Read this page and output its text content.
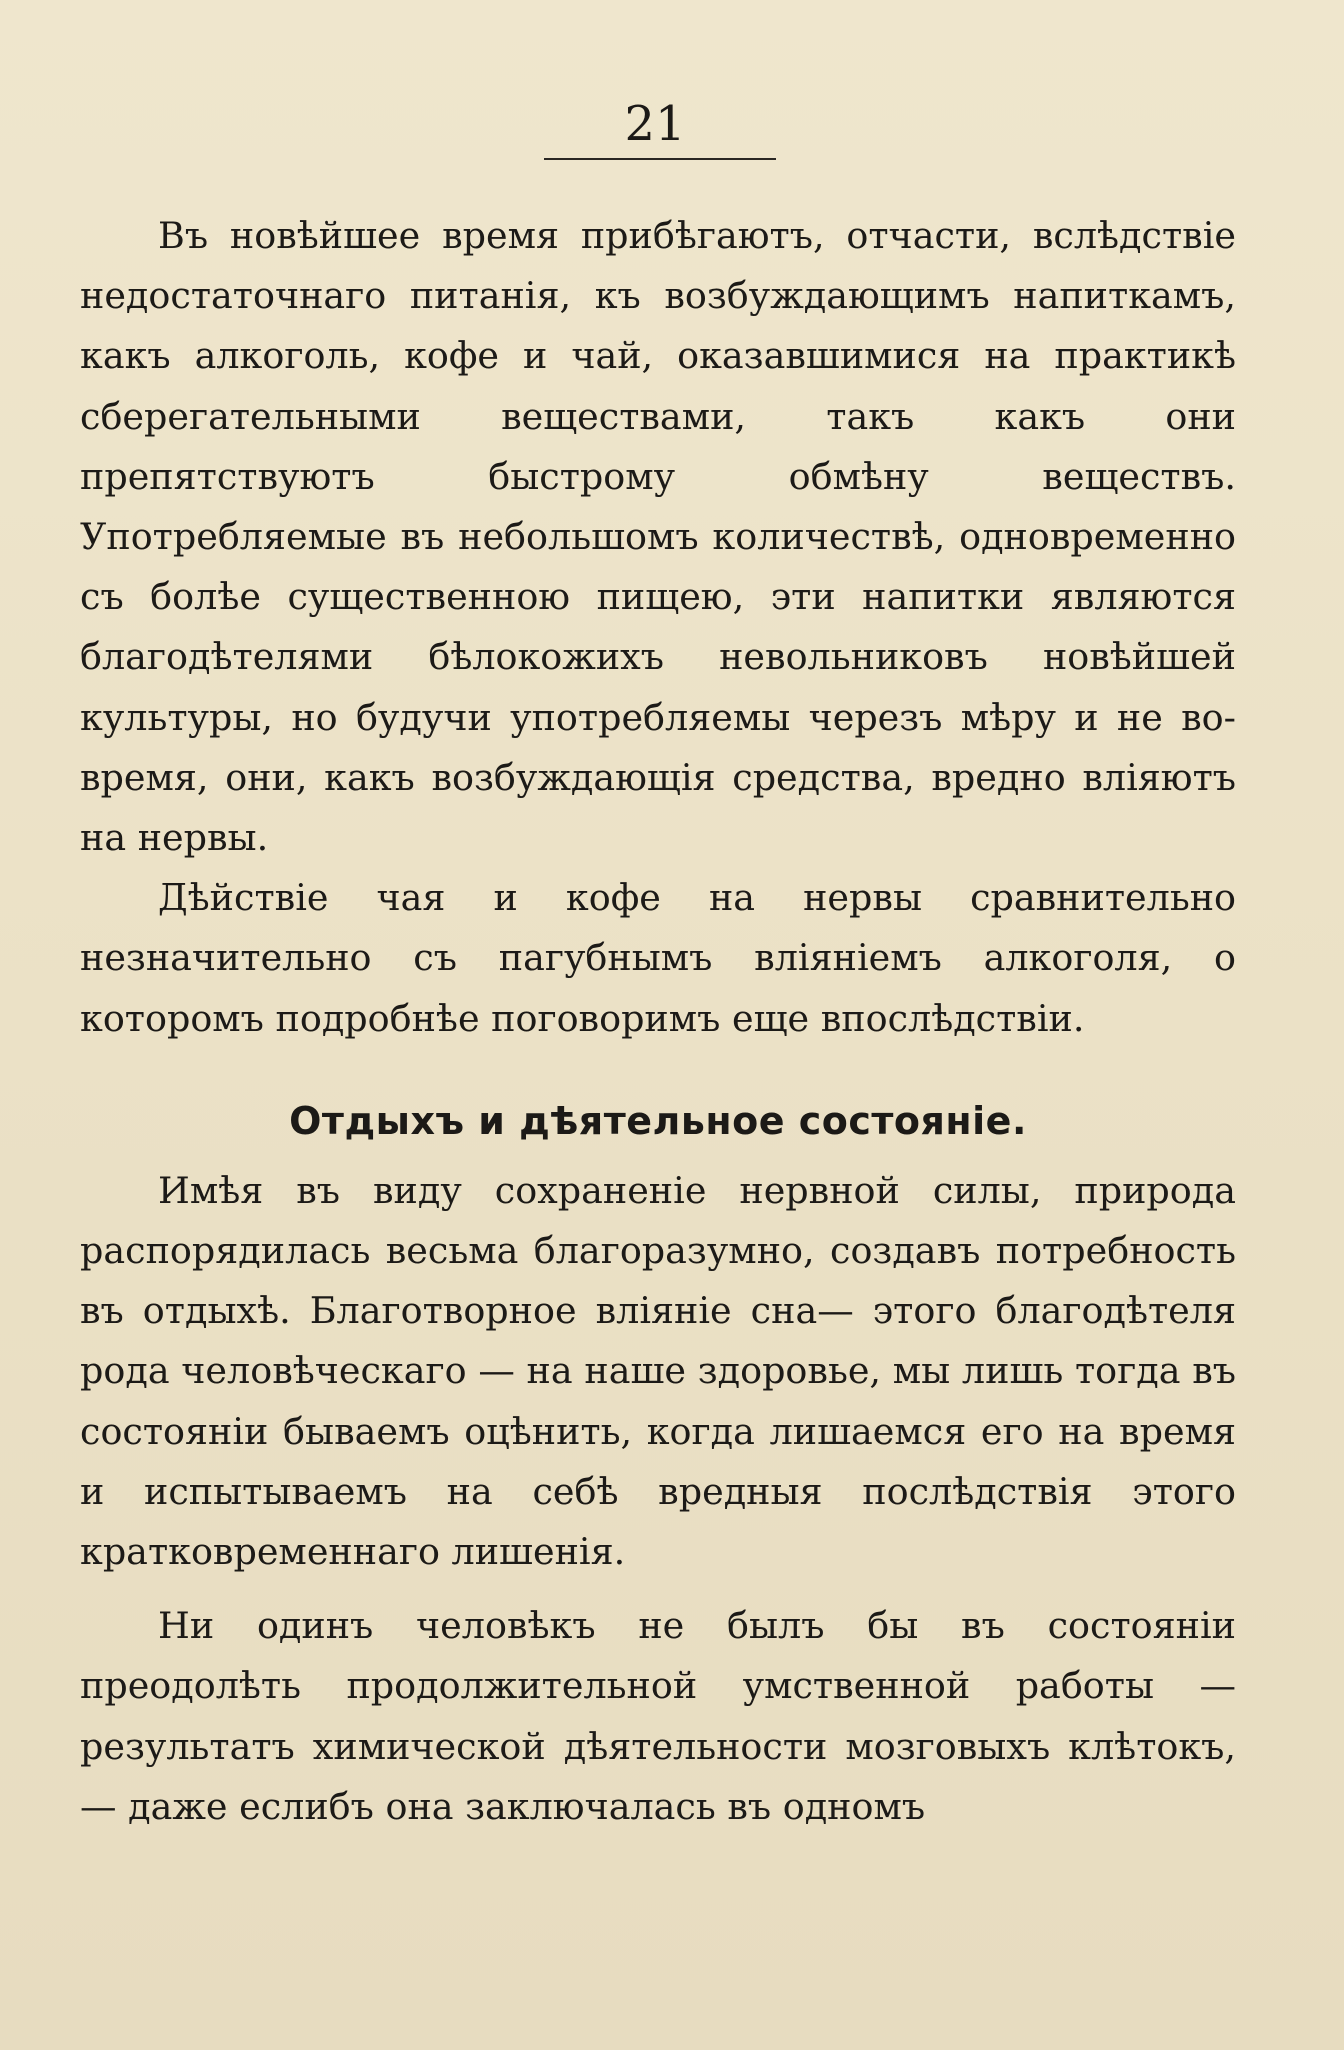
21

Въ новѣйшее время прибѣгаютъ, отчасти, вслѣдствіе недостаточнаго питанія, къ возбуждающимъ напиткамъ, какъ алкоголь, кофе и чай, оказавшимися на практикѣ сберегательными веществами, такъ какъ они препятствуютъ быстрому обмѣну веществъ. Употребляемые въ небольшомъ количествѣ, одновременно съ болѣе существенною пищею, эти напитки являются благодѣтелями бѣлокожихъ невольниковъ новѣйшей культуры, но будучи употребляемы черезъ мѣру и не во-время, они, какъ возбуждающія средства, вредно вліяютъ на нервы.

Дѣйствіе чая и кофе на нервы сравнительно незначительно съ пагубнымъ вліяніемъ алкоголя, о которомъ подробнѣе поговоримъ еще впослѣдствіи.

Отдыхъ и дѣятельное состояніе.

Имѣя въ виду сохраненіе нервной силы, природа распорядилась весьма благоразумно, создавъ потребность въ отдыхѣ. Благотворное вліяніе сна— этого благодѣтеля рода человѣческаго — на наше здоровье, мы лишь тогда въ состояніи бываемъ оцѣнить, когда лишаемся его на время и испытываемъ на себѣ вредныя послѣдствія этого кратковременнаго лишенія.

Ни одинъ человѣкъ не былъ бы въ состояніи преодолѣть продолжительной умственной работы — результатъ химической дѣятельности мозговыхъ клѣтокъ, — даже еслибъ она заключалась въ одномъ
